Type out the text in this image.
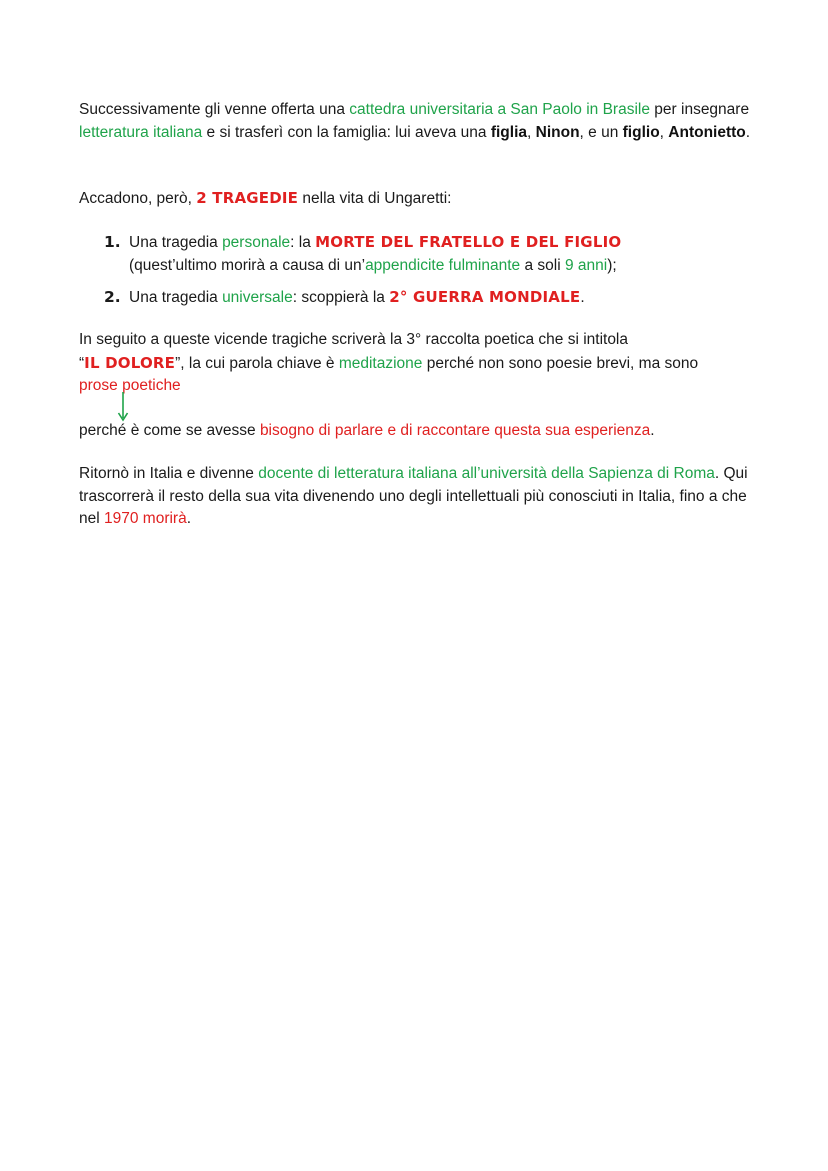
Successivamente gli venne offerta una cattedra universitaria a San Paolo in Brasile per insegnare letteratura italiana e si trasferì con la famiglia: lui aveva una figlia, Ninon, e un figlio, Antonietto.
Accadono, però, 2 TRAGEDIE nella vita di Ungaretti:
1. Una tragedia personale: la MORTE DEL FRATELLO E DEL FIGLIO
(quest’ultimo morirà a causa di un’appendicite fulminante a soli 9 anni);
2. Una tragedia universale: scoppierà la 2° GUERRA MONDIALE.
In seguito a queste vicende tragiche scriverà la 3° raccolta poetica che si intitola
“IL DOLORE”, la cui parola chiave è meditazione perché non sono poesie brevi, ma sono
prose poetiche
perché è come se avesse bisogno di parlare e di raccontare questa sua esperienza.
Ritornò in Italia e divenne docente di letteratura italiana all’università della Sapienza di Roma. Qui trascorrerà il resto della sua vita divenendo uno degli intellettuali più conosciuti in Italia, fino a che nel 1970 morirà.
